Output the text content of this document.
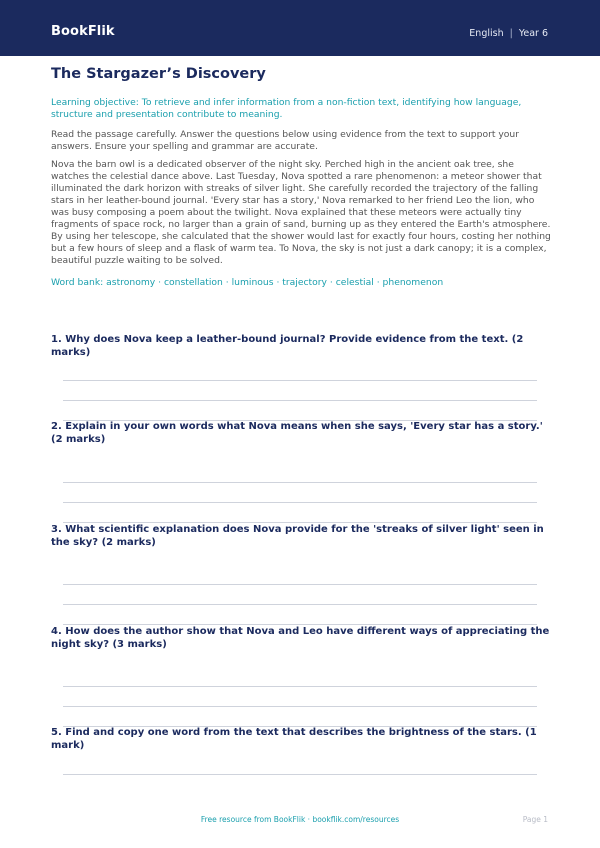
BookFlik	English | Year 6
The Stargazer’s Discovery
Learning objective: To retrieve and infer information from a non-fiction text, identifying how language, structure and presentation contribute to meaning.
Read the passage carefully. Answer the questions below using evidence from the text to support your answers. Ensure your spelling and grammar are accurate.
Nova the barn owl is a dedicated observer of the night sky. Perched high in the ancient oak tree, she watches the celestial dance above. Last Tuesday, Nova spotted a rare phenomenon: a meteor shower that illuminated the dark horizon with streaks of silver light. She carefully recorded the trajectory of the falling stars in her leather-bound journal. 'Every star has a story,' Nova remarked to her friend Leo the lion, who was busy composing a poem about the twilight. Nova explained that these meteors were actually tiny fragments of space rock, no larger than a grain of sand, burning up as they entered the Earth's atmosphere. By using her telescope, she calculated that the shower would last for exactly four hours, costing her nothing but a few hours of sleep and a flask of warm tea. To Nova, the sky is not just a dark canopy; it is a complex, beautiful puzzle waiting to be solved.
Word bank: astronomy · constellation · luminous · trajectory · celestial · phenomenon
1. Why does Nova keep a leather-bound journal? Provide evidence from the text. (2 marks)
2. Explain in your own words what Nova means when she says, 'Every star has a story.' (2 marks)
3. What scientific explanation does Nova provide for the 'streaks of silver light' seen in the sky? (2 marks)
4. How does the author show that Nova and Leo have different ways of appreciating the night sky? (3 marks)
5. Find and copy one word from the text that describes the brightness of the stars. (1 mark)
Free resource from BookFlik · bookflik.com/resources	Page 1
